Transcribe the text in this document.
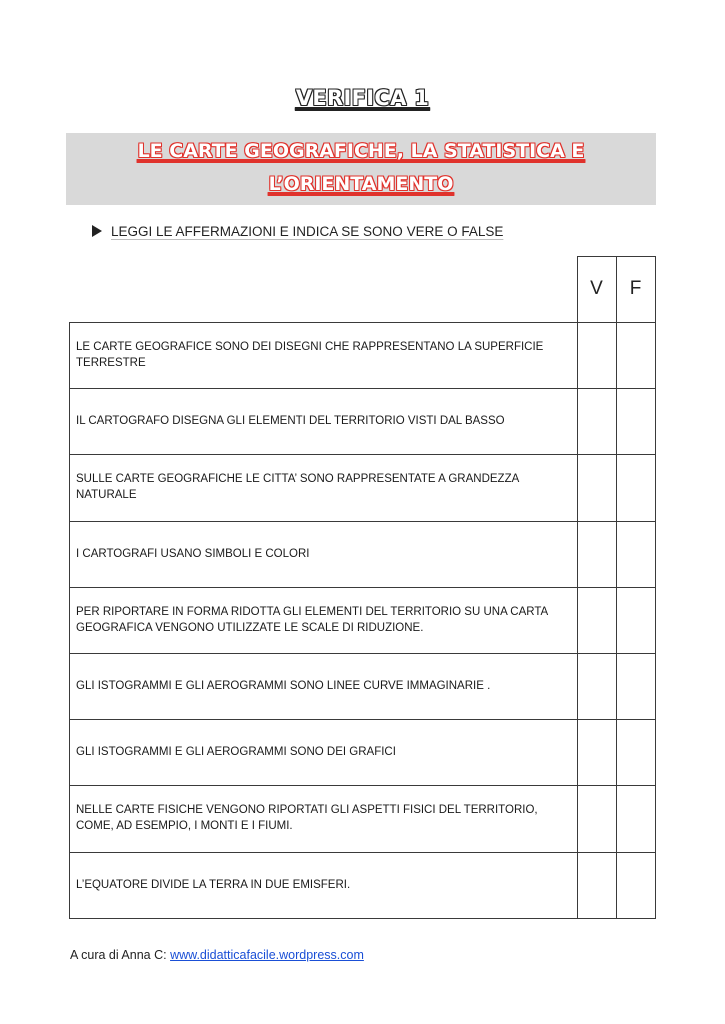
VERIFICA 1
LE CARTE GEOGRAFICHE, LA STATISTICA E
L’ORIENTAMENTO
LEGGI LE AFFERMAZIONI E INDICA SE SONO VERE O FALSE
V	F
LE CARTE GEOGRAFICE SONO DEI DISEGNI CHE RAPPRESENTANO LA SUPERFICIE TERRESTRE
IL CARTOGRAFO DISEGNA GLI ELEMENTI DEL TERRITORIO VISTI DAL BASSO
SULLE CARTE GEOGRAFICHE LE CITTA’ SONO RAPPRESENTATE A GRANDEZZA NATURALE
I CARTOGRAFI USANO SIMBOLI E COLORI
PER RIPORTARE IN FORMA RIDOTTA GLI ELEMENTI DEL TERRITORIO SU UNA CARTA GEOGRAFICA VENGONO UTILIZZATE LE SCALE DI RIDUZIONE.
GLI ISTOGRAMMI E GLI AEROGRAMMI SONO LINEE CURVE IMMAGINARIE .
GLI ISTOGRAMMI E GLI AEROGRAMMI SONO DEI GRAFICI
NELLE CARTE FISICHE VENGONO RIPORTATI GLI ASPETTI FISICI DEL TERRITORIO, COME, AD ESEMPIO, I MONTI E I FIUMI.
L’EQUATORE DIVIDE LA TERRA IN DUE EMISFERI.
A cura di Anna C: www.didatticafacile.wordpress.com
